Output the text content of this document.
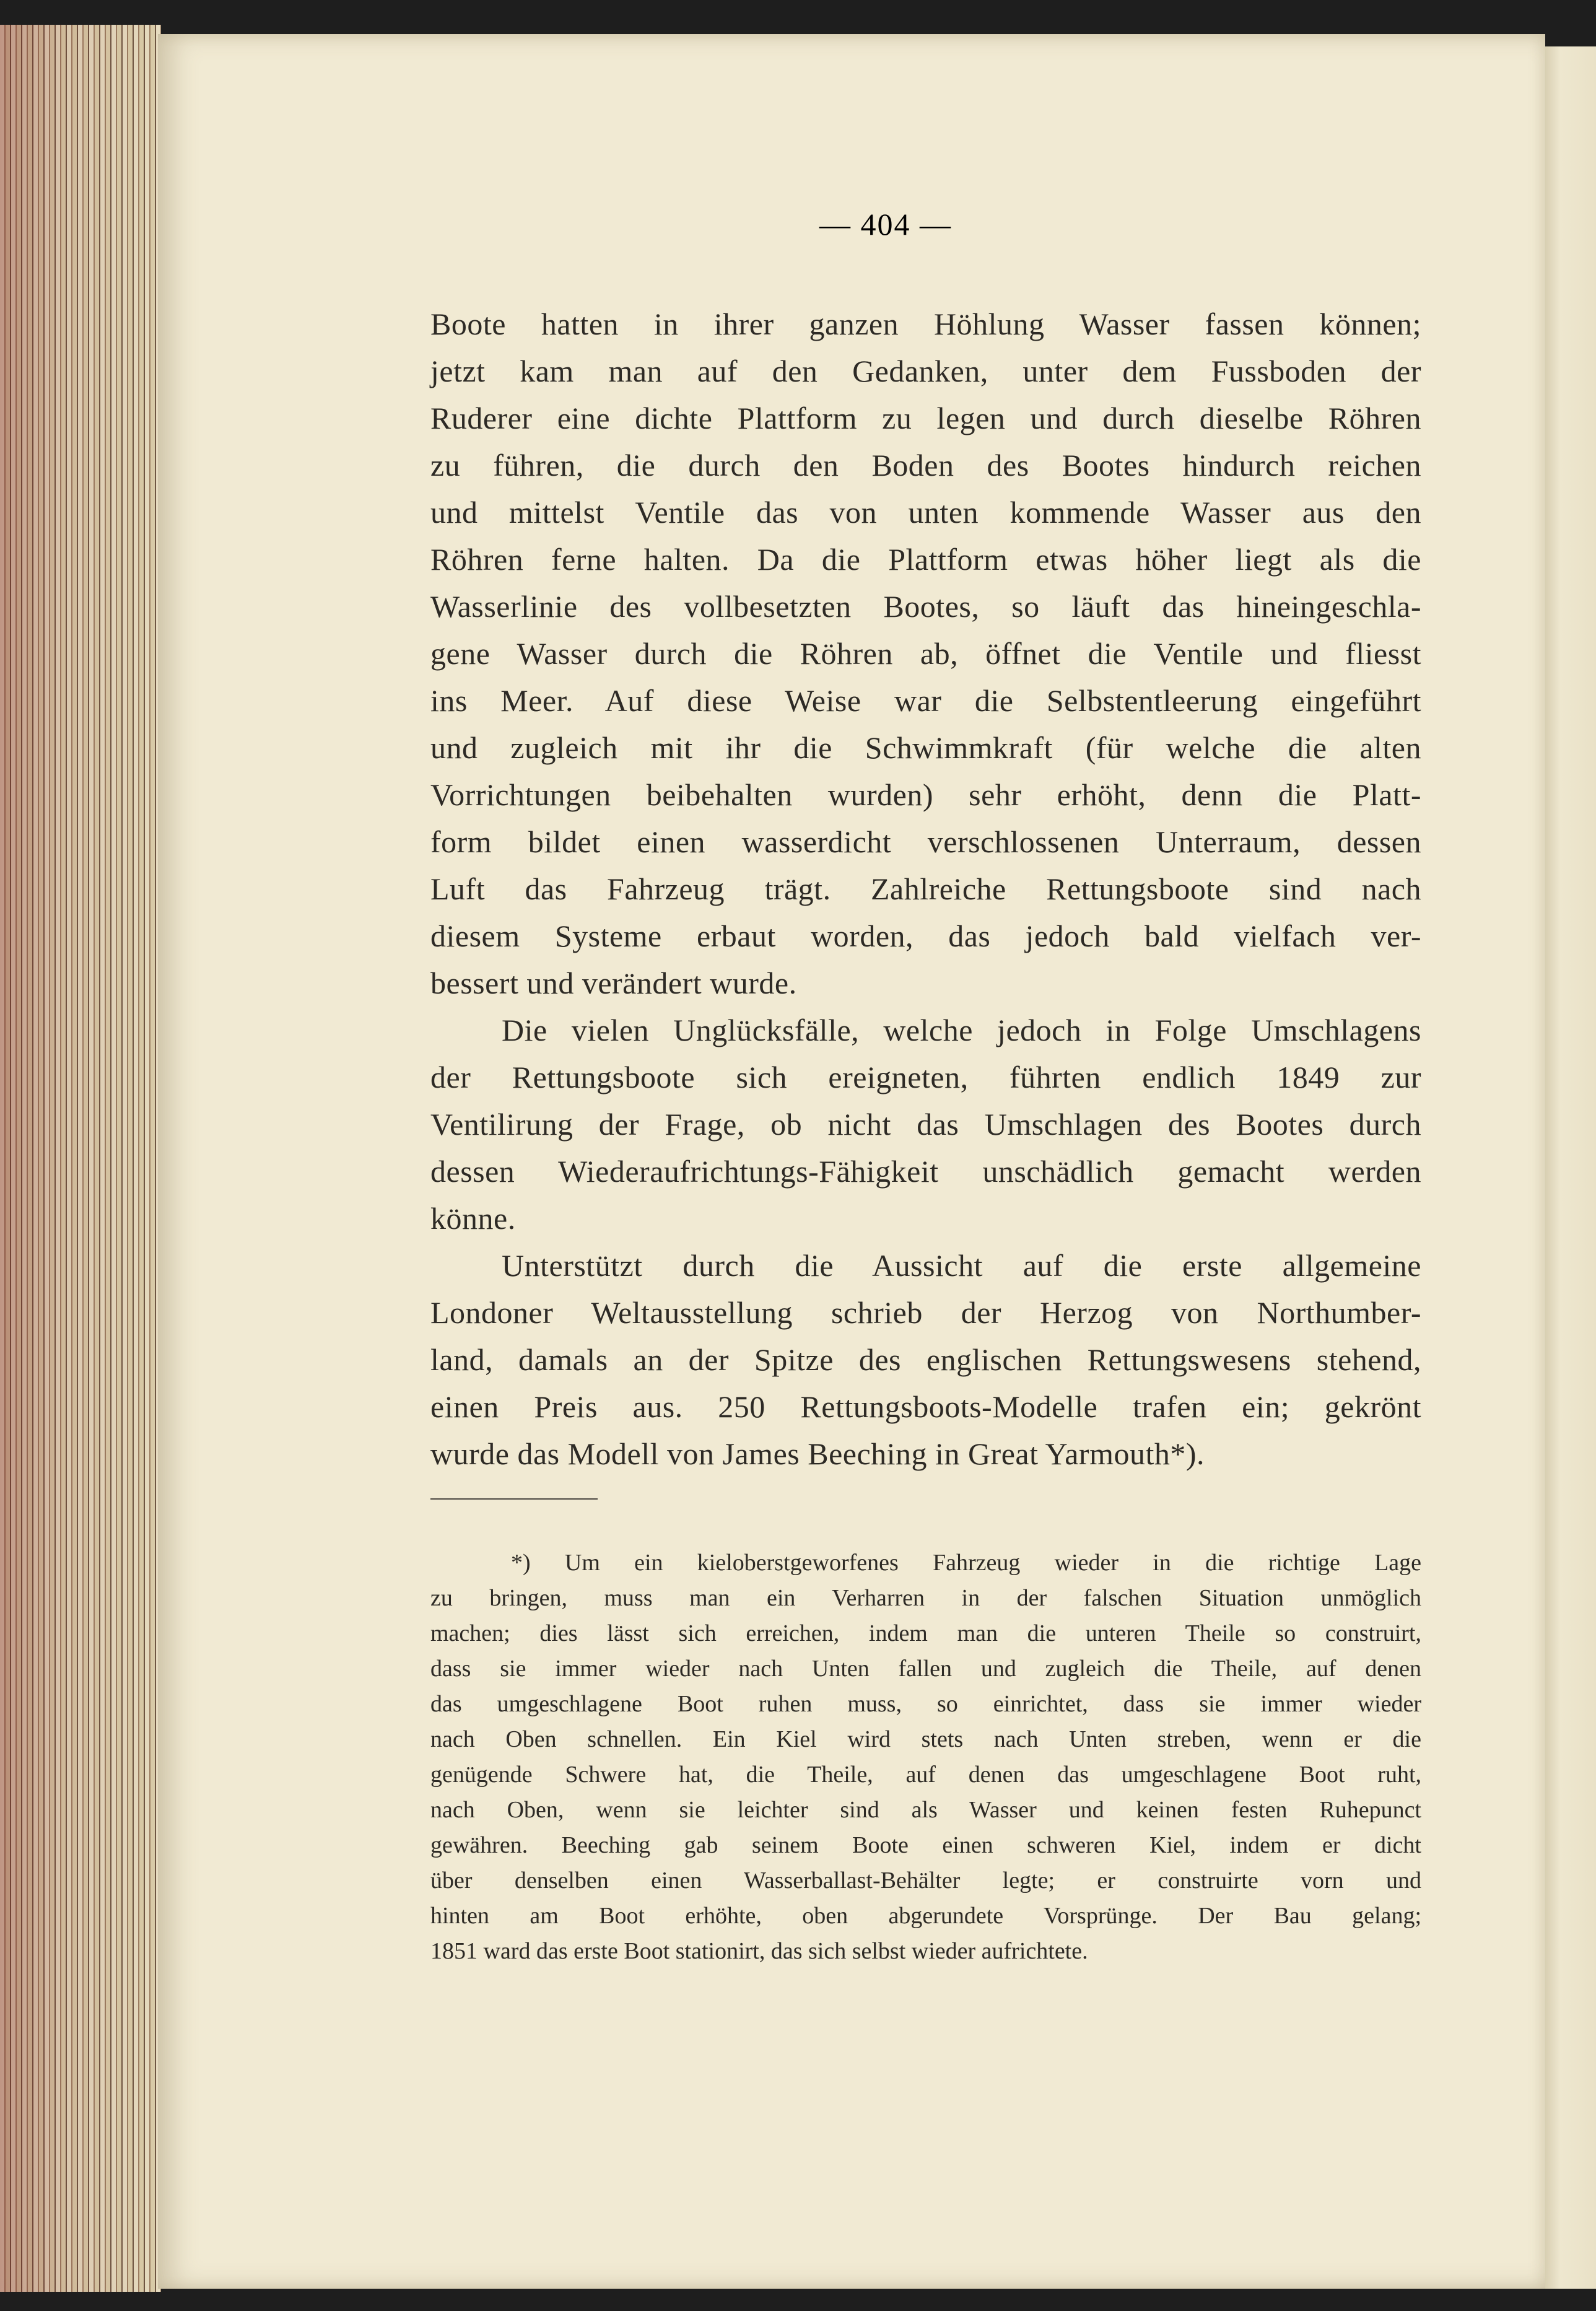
— 404 —
Boote hatten in ihrer ganzen Höhlung Wasser fassen können;
jetzt kam man auf den Gedanken, unter dem Fussboden der
Ruderer eine dichte Plattform zu legen und durch dieselbe Röhren
zu führen, die durch den Boden des Bootes hindurch reichen
und mittelst Ventile das von unten kommende Wasser aus den
Röhren ferne halten. Da die Plattform etwas höher liegt als die
Wasserlinie des vollbesetzten Bootes, so läuft das hineingeschla-
gene Wasser durch die Röhren ab, öffnet die Ventile und fliesst
ins Meer. Auf diese Weise war die Selbstentleerung eingeführt
und zugleich mit ihr die Schwimmkraft (für welche die alten
Vorrichtungen beibehalten wurden) sehr erhöht, denn die Platt-
form bildet einen wasserdicht verschlossenen Unterraum, dessen
Luft das Fahrzeug trägt. Zahlreiche Rettungsboote sind nach
diesem Systeme erbaut worden, das jedoch bald vielfach ver-
bessert und verändert wurde.
Die vielen Unglücksfälle, welche jedoch in Folge Umschlagens
der Rettungsboote sich ereigneten, führten endlich 1849 zur
Ventilirung der Frage, ob nicht das Umschlagen des Bootes durch
dessen Wiederaufrichtungs-Fähigkeit unschädlich gemacht werden
könne.
Unterstützt durch die Aussicht auf die erste allgemeine
Londoner Weltausstellung schrieb der Herzog von Northumber-
land, damals an der Spitze des englischen Rettungswesens stehend,
einen Preis aus. 250 Rettungsboots-Modelle trafen ein; gekrönt
wurde das Modell von James Beeching in Great Yarmouth*).
*) Um ein kieloberstgeworfenes Fahrzeug wieder in die richtige Lage
zu bringen, muss man ein Verharren in der falschen Situation unmöglich
machen; dies lässt sich erreichen, indem man die unteren Theile so construirt,
dass sie immer wieder nach Unten fallen und zugleich die Theile, auf denen
das umgeschlagene Boot ruhen muss, so einrichtet, dass sie immer wieder
nach Oben schnellen. Ein Kiel wird stets nach Unten streben, wenn er die
genügende Schwere hat, die Theile, auf denen das umgeschlagene Boot ruht,
nach Oben, wenn sie leichter sind als Wasser und keinen festen Ruhepunct
gewähren. Beeching gab seinem Boote einen schweren Kiel, indem er dicht
über denselben einen Wasserballast-Behälter legte; er construirte vorn und
hinten am Boot erhöhte, oben abgerundete Vorsprünge. Der Bau gelang;
1851 ward das erste Boot stationirt, das sich selbst wieder aufrichtete.
